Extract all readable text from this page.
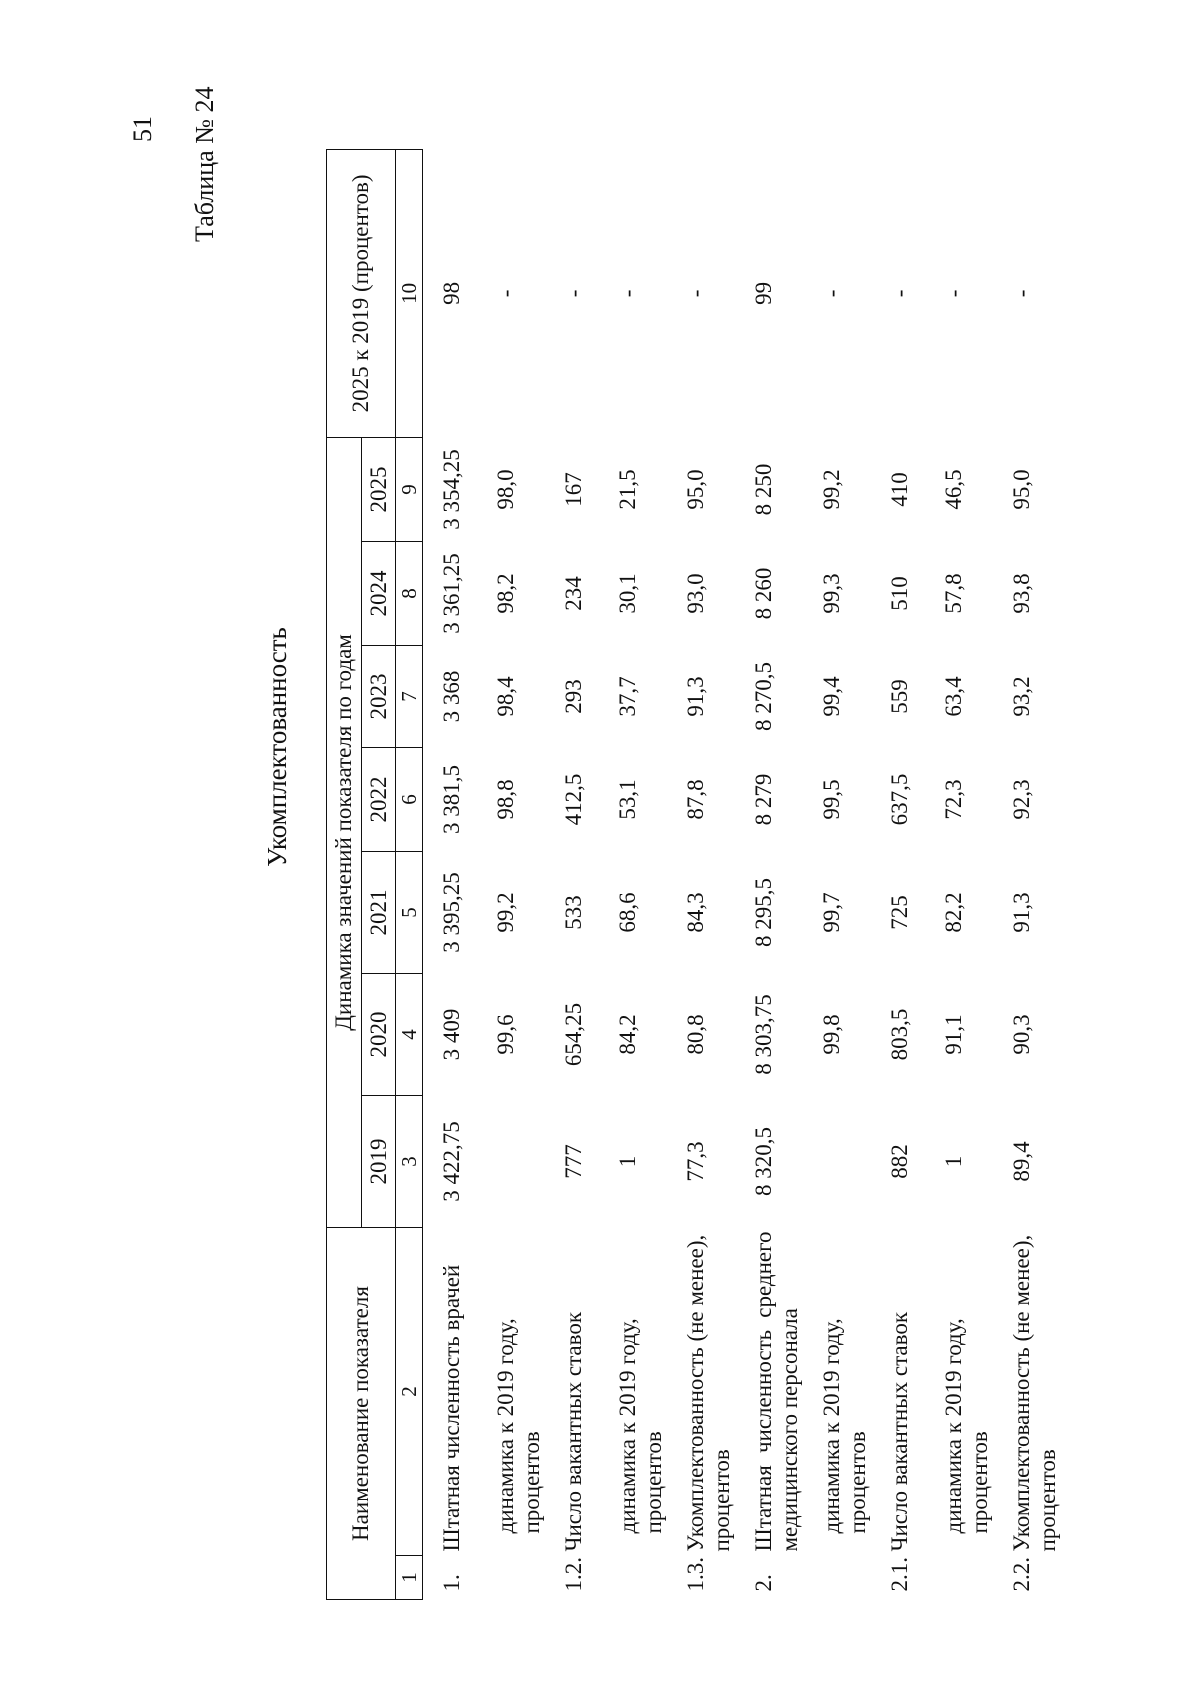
51 Таблица № 24
Укомплектованность
Наименование показателя		Динамика значений показателя по годам							2025 к 2019 (процентов)
		2019	2020	2021	2022	2023	2024	2025	
1	2	3	4	5	6	7	8	9	10
1.	Штатная численность врачей	3 422,75	3 409	3 395,25	3 381,5	3 368	3 361,25	3 354,25	98
	динамика к 2019 году, процентов		99,6	99,2	98,8	98,4	98,2	98,0	-
1.2.	Число вакантных ставок	777	654,25	533	412,5	293	234	167	-
	динамика к 2019 году, процентов	1	84,2	68,6	53,1	37,7	30,1	21,5	-
1.3.	Укомплектованность (не менее), процентов	77,3	80,8	84,3	87,8	91,3	93,0	95,0	-
2.	Штатная численность среднего медицинского персонала	8 320,5	8 303,75	8 295,5	8 279	8 270,5	8 260	8 250	99
	динамика к 2019 году, процентов		99,8	99,7	99,5	99,4	99,3	99,2	-
2.1.	Число вакантных ставок	882	803,5	725	637,5	559	510	410	-
	динамика к 2019 году, процентов	1	91,1	82,2	72,3	63,4	57,8	46,5	-
2.2.	Укомплектованность (не менее), процентов	89,4	90,3	91,3	92,3	93,2	93,8	95,0	-
